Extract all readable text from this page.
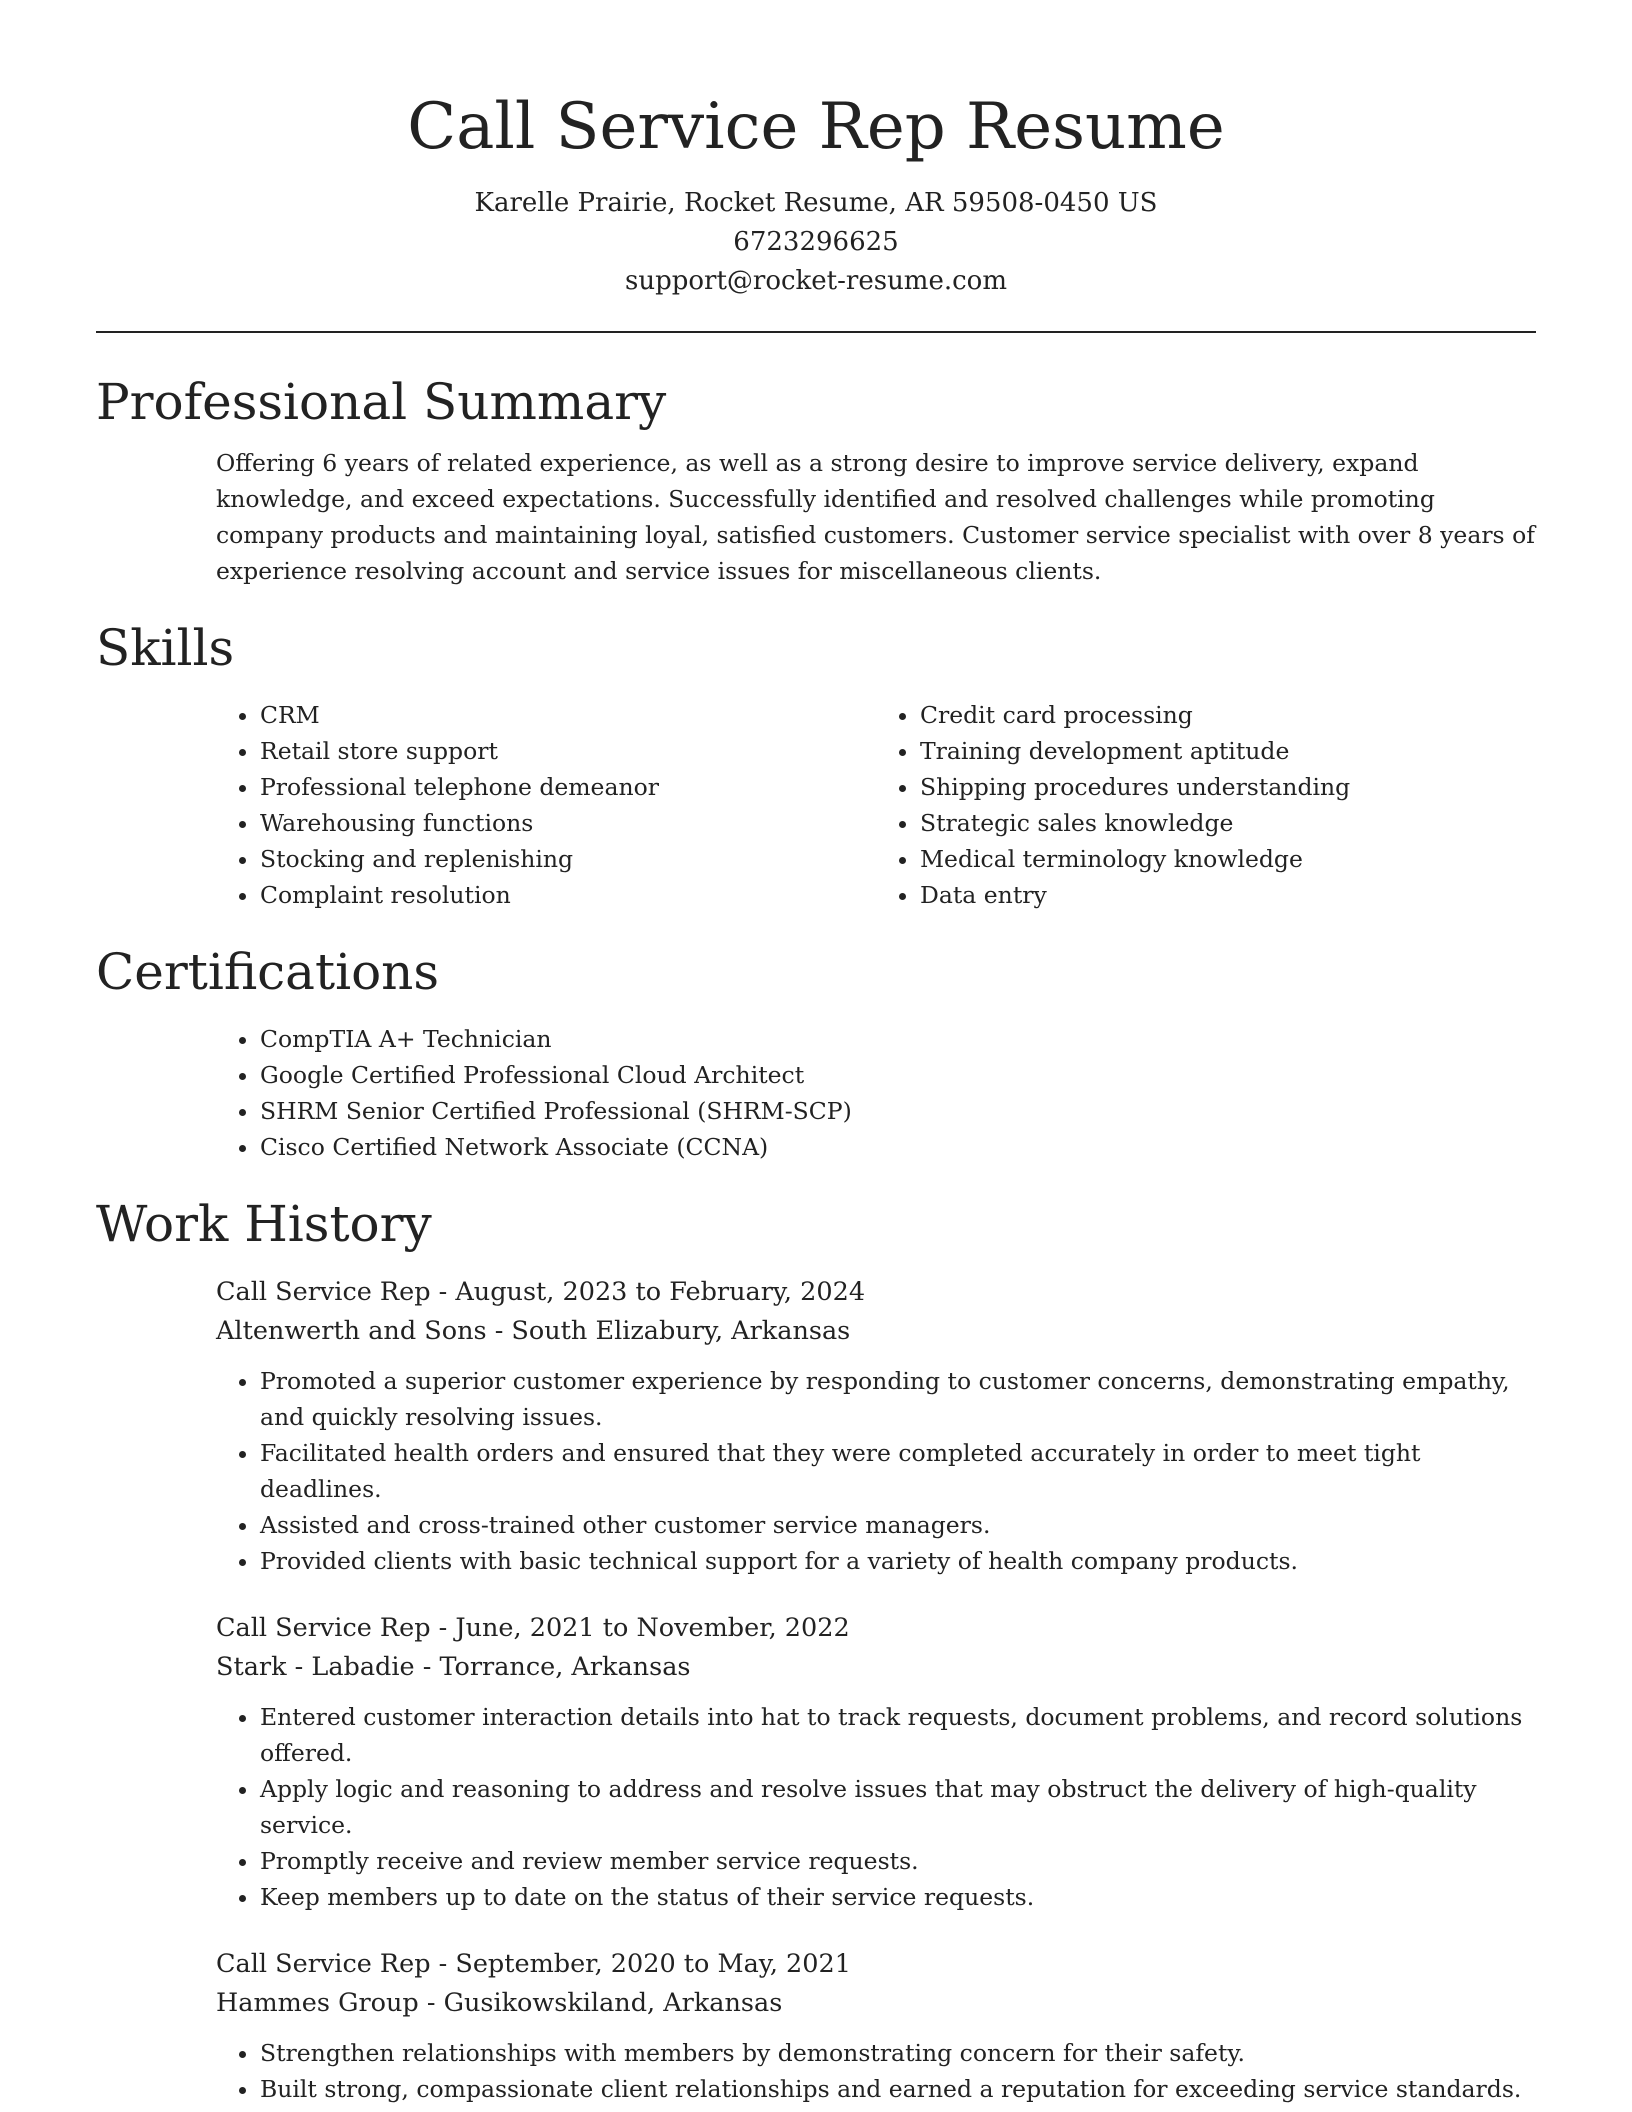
Call Service Rep Resume
Karelle Prairie, Rocket Resume, AR 59508-0450 US
6723296625
support@rocket-resume.com
Professional Summary

Offering 6 years of related experience, as well as a strong desire to improve service delivery, expand knowledge, and exceed expectations. Successfully identified and resolved challenges while promoting company products and maintaining loyal, satisfied customers. Customer service specialist with over 8 years of experience resolving account and service issues for miscellaneous clients.

Skills
• CRM
• Retail store support
• Professional telephone demeanor
• Warehousing functions
• Stocking and replenishing
• Complaint resolution
• Credit card processing
• Training development aptitude
• Shipping procedures understanding
• Strategic sales knowledge
• Medical terminology knowledge
• Data entry
Certifications
• CompTIA A+ Technician
• Google Certified Professional Cloud Architect
• SHRM Senior Certified Professional (SHRM-SCP)
• Cisco Certified Network Associate (CCNA)
Work History
Call Service Rep - August, 2023 to February, 2024
Altenwerth and Sons - South Elizabury, Arkansas
• Promoted a superior customer experience by responding to customer concerns, demonstrating empathy, and quickly resolving issues.
• Facilitated health orders and ensured that they were completed accurately in order to meet tight deadlines.
• Assisted and cross-trained other customer service managers.
• Provided clients with basic technical support for a variety of health company products.
Call Service Rep - June, 2021 to November, 2022
Stark - Labadie - Torrance, Arkansas
• Entered customer interaction details into hat to track requests, document problems, and record solutions offered.
• Apply logic and reasoning to address and resolve issues that may obstruct the delivery of high-quality service.
• Promptly receive and review member service requests.
• Keep members up to date on the status of their service requests.
Call Service Rep - September, 2020 to May, 2021
Hammes Group - Gusikowskiland, Arkansas
• Strengthen relationships with members by demonstrating concern for their safety.
• Built strong, compassionate client relationships and earned a reputation for exceeding service standards.
